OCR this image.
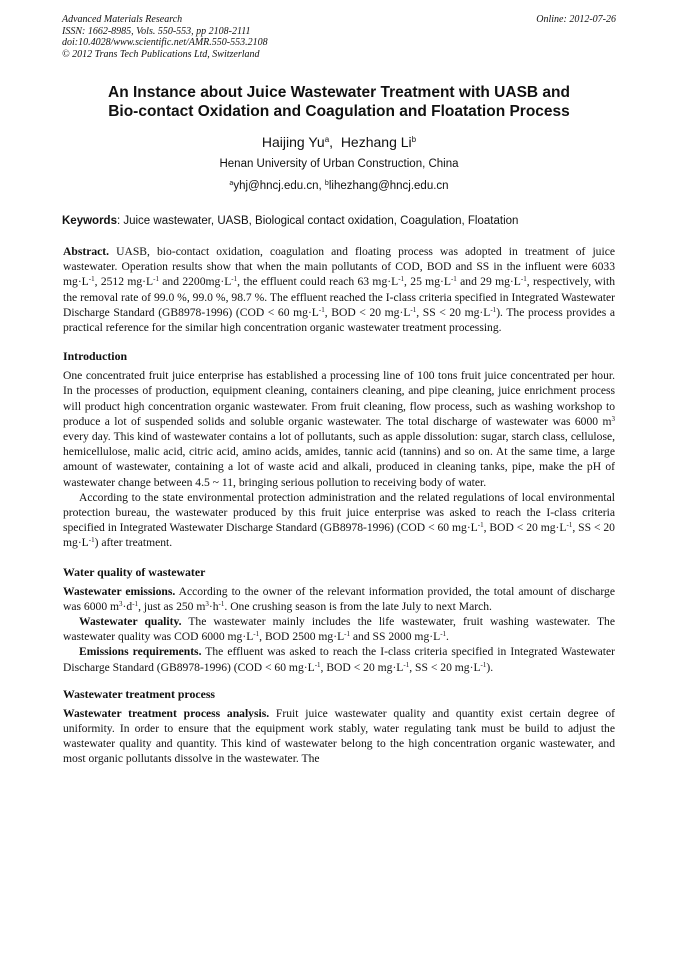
Advanced Materials Research
ISSN: 1662-8985, Vols. 550-553, pp 2108-2111
doi:10.4028/www.scientific.net/AMR.550-553.2108
© 2012 Trans Tech Publications Ltd, Switzerland
Online: 2012-07-26
An Instance about Juice Wastewater Treatment with UASB and
Bio-contact Oxidation and Coagulation and Floatation Process
Haijing Yu$^a$,  Hezhang Li$^b$
Henan University of Urban Construction, China
$^a$yhj@hncj.edu.cn, $^b$lihezhang@hncj.edu.cn
Keywords: Juice wastewater, UASB, Biological contact oxidation, Coagulation, Floatation

Abstract. UASB, bio-contact oxidation, coagulation and floating process was adopted in treatment of juice wastewater. Operation results show that when the main pollutants of COD, BOD and SS in the influent were 6033 $mg\cdot L^{-1}$, 2512 $mg\cdot L^{-1}$ and $2200mg\cdot L^{-1}$, the effluent could reach 63 $mg\cdot L^{-1}$, 25 $mg\cdot L^{-1}$ and 29 $mg\cdot L^{-1}$, respectively, with the removal rate of 99.0 %, 99.0 %, 98.7 %. The effluent reached the I-class criteria specified in Integrated Wastewater Discharge Standard (GB8978-1996) (COD < 60 $mg\cdot L^{-1}$, BOD < 20 $mg\cdot L^{-1}$, SS < 20 $mg\cdot L^{-1}$). The process provides a practical reference for the similar high concentration organic wastewater treatment processing.

Introduction

One concentrated fruit juice enterprise has established a processing line of 100 tons fruit juice concentrated per hour. In the processes of production, equipment cleaning, containers cleaning, and pipe cleaning, juice enrichment process will product high concentration organic wastewater. From fruit cleaning, flow process, such as washing workshop to produce a lot of suspended solids and soluble organic wastewater. The total discharge of wastewater was 6000 $m^3$ every day. This kind of wastewater contains a lot of pollutants, such as apple dissolution: sugar, starch class, cellulose, hemicellulose, malic acid, citric acid, amino acids, amides, tannic acid (tannins) and so on. At the same time, a large amount of wastewater, containing a lot of waste acid and alkali, produced in cleaning tanks, pipe, make the pH of wastewater change between 4.5 ~ 11, bringing serious pollution to receiving body of water.

According to the state environmental protection administration and the related regulations of local environmental protection bureau, the wastewater produced by this fruit juice enterprise was asked to reach the I-class criteria specified in Integrated Wastewater Discharge Standard (GB8978-1996) (COD < 60 $mg\cdot L^{-1}$, BOD < 20 $mg\cdot L^{-1}$, SS < 20 $mg\cdot L^{-1}$) after treatment.

Water quality of wastewater

Wastewater emissions. According to the owner of the relevant information provided, the total amount of discharge was 6000 $m^3\cdot d^{-1}$, just as 250 $m^3\cdot h^{-1}$. One crushing season is from the late July to next March.

Wastewater quality. The wastewater mainly includes the life wastewater, fruit washing wastewater. The wastewater quality was COD 6000 $mg\cdot L^{-1}$, BOD 2500 $mg\cdot L^{-1}$ and SS 2000 $mg\cdot L^{-1}$.

Emissions requirements. The effluent was asked to reach the I-class criteria specified in Integrated Wastewater Discharge Standard (GB8978-1996) (COD < 60 $mg\cdot L^{-1}$, BOD < 20 $mg\cdot L^{-1}$, SS < 20 $mg\cdot L^{-1}$).

Wastewater treatment process

Wastewater treatment process analysis. Fruit juice wastewater quality and quantity exist certain degree of uniformity. In order to ensure that the equipment work stably, water regulating tank must be build to adjust the wastewater quality and quantity. This kind of wastewater belong to the high concentration organic wastewater, and most organic pollutants dissolve in the wastewater. The
